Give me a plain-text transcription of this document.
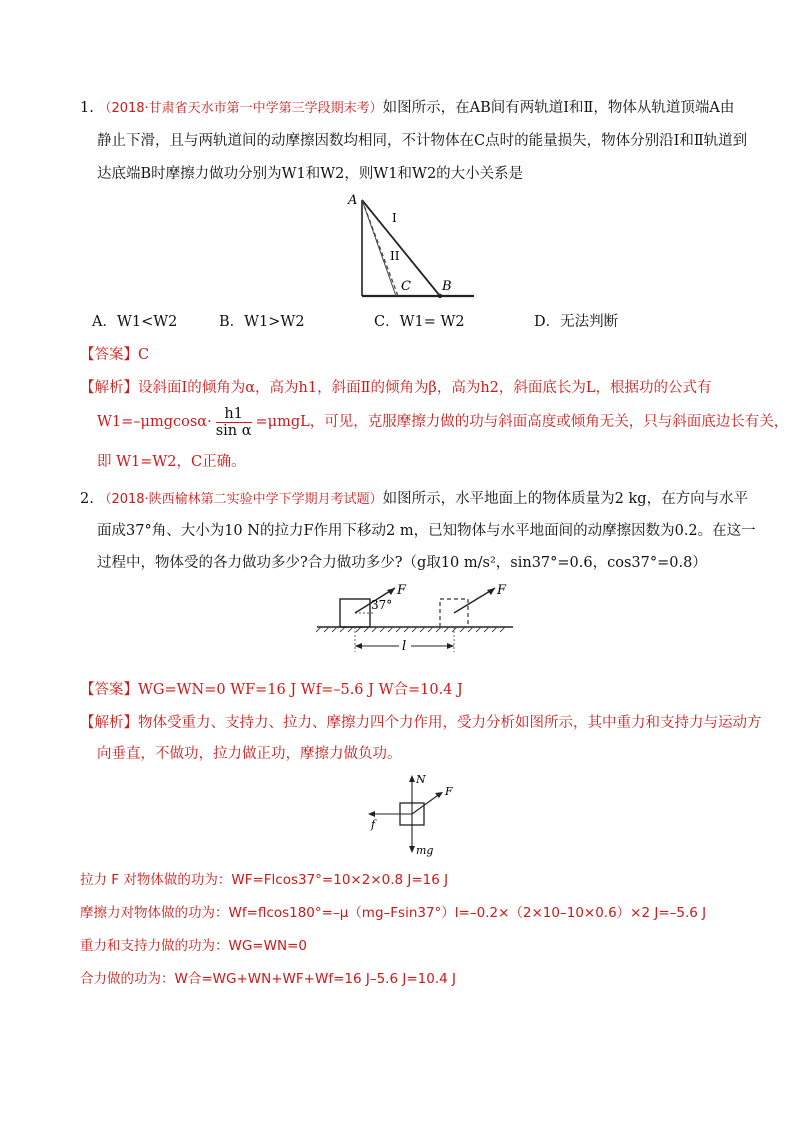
1. （2018·甘肃省天水市第一中学第三学段期末考）如图所示，在AB间有两轨道Ⅰ和Ⅱ，物体从轨道顶端A由
静止下滑，且与两轨道间的动摩擦因数均相同，不计物体在C点时的能量损失，物体分别沿Ⅰ和Ⅱ轨道到
达底端B时摩擦力做功分别为W1和W2，则W1和W2的大小关系是
A
B
C
I
II
A．W1<W2	B．W1>W2	C．W1= W2	D．无法判断
【答案】C
【解析】设斜面Ⅰ的倾角为α，高为h1，斜面Ⅱ的倾角为β，高为h2，斜面底长为L，根据功的公式有
$W1=-\mu mgcos\alpha\cdot \frac{h1}{\text{sin α}} =\mu mgL$，可见，克服摩擦力做的功与斜面高度或倾角无关，只与斜面底边长有关，
即 W1=W2，C正确。
2. （2018·陕西榆林第二实验中学下学期月考试题）如图所示，水平地面上的物体质量为2 kg，在方向与水平
面成37°角、大小为10 N的拉力F作用下移动2 m，已知物体与水平地面间的动摩擦因数为0.2。在这一
过程中，物体受的各力做功多少?合力做功多少?（g取10 m/s²，sin37°=0.6，cos37°=0.8）
37°
F	F
l
【答案】WG=WN=0 WF=16 J Wf=–5.6 J W合=10.4 J
【解析】物体受重力、支持力、拉力、摩擦力四个力作用，受力分析如图所示，其中重力和支持力与运动方
向垂直，不做功，拉力做正功，摩擦力做负功。
N
mg
f
F
拉力 F 对物体做的功为：WF=Flcos37°=10×2×0.8 J=16 J
摩擦力对物体做的功为：Wf=flcos180°=–μ（mg–Fsin37°）l=–0.2×（2×10–10×0.6）×2 J=–5.6 J
重力和支持力做的功为：WG=WN=0
合力做的功为：W合=WG+WN+WF+Wf=16 J–5.6 J=10.4 J
